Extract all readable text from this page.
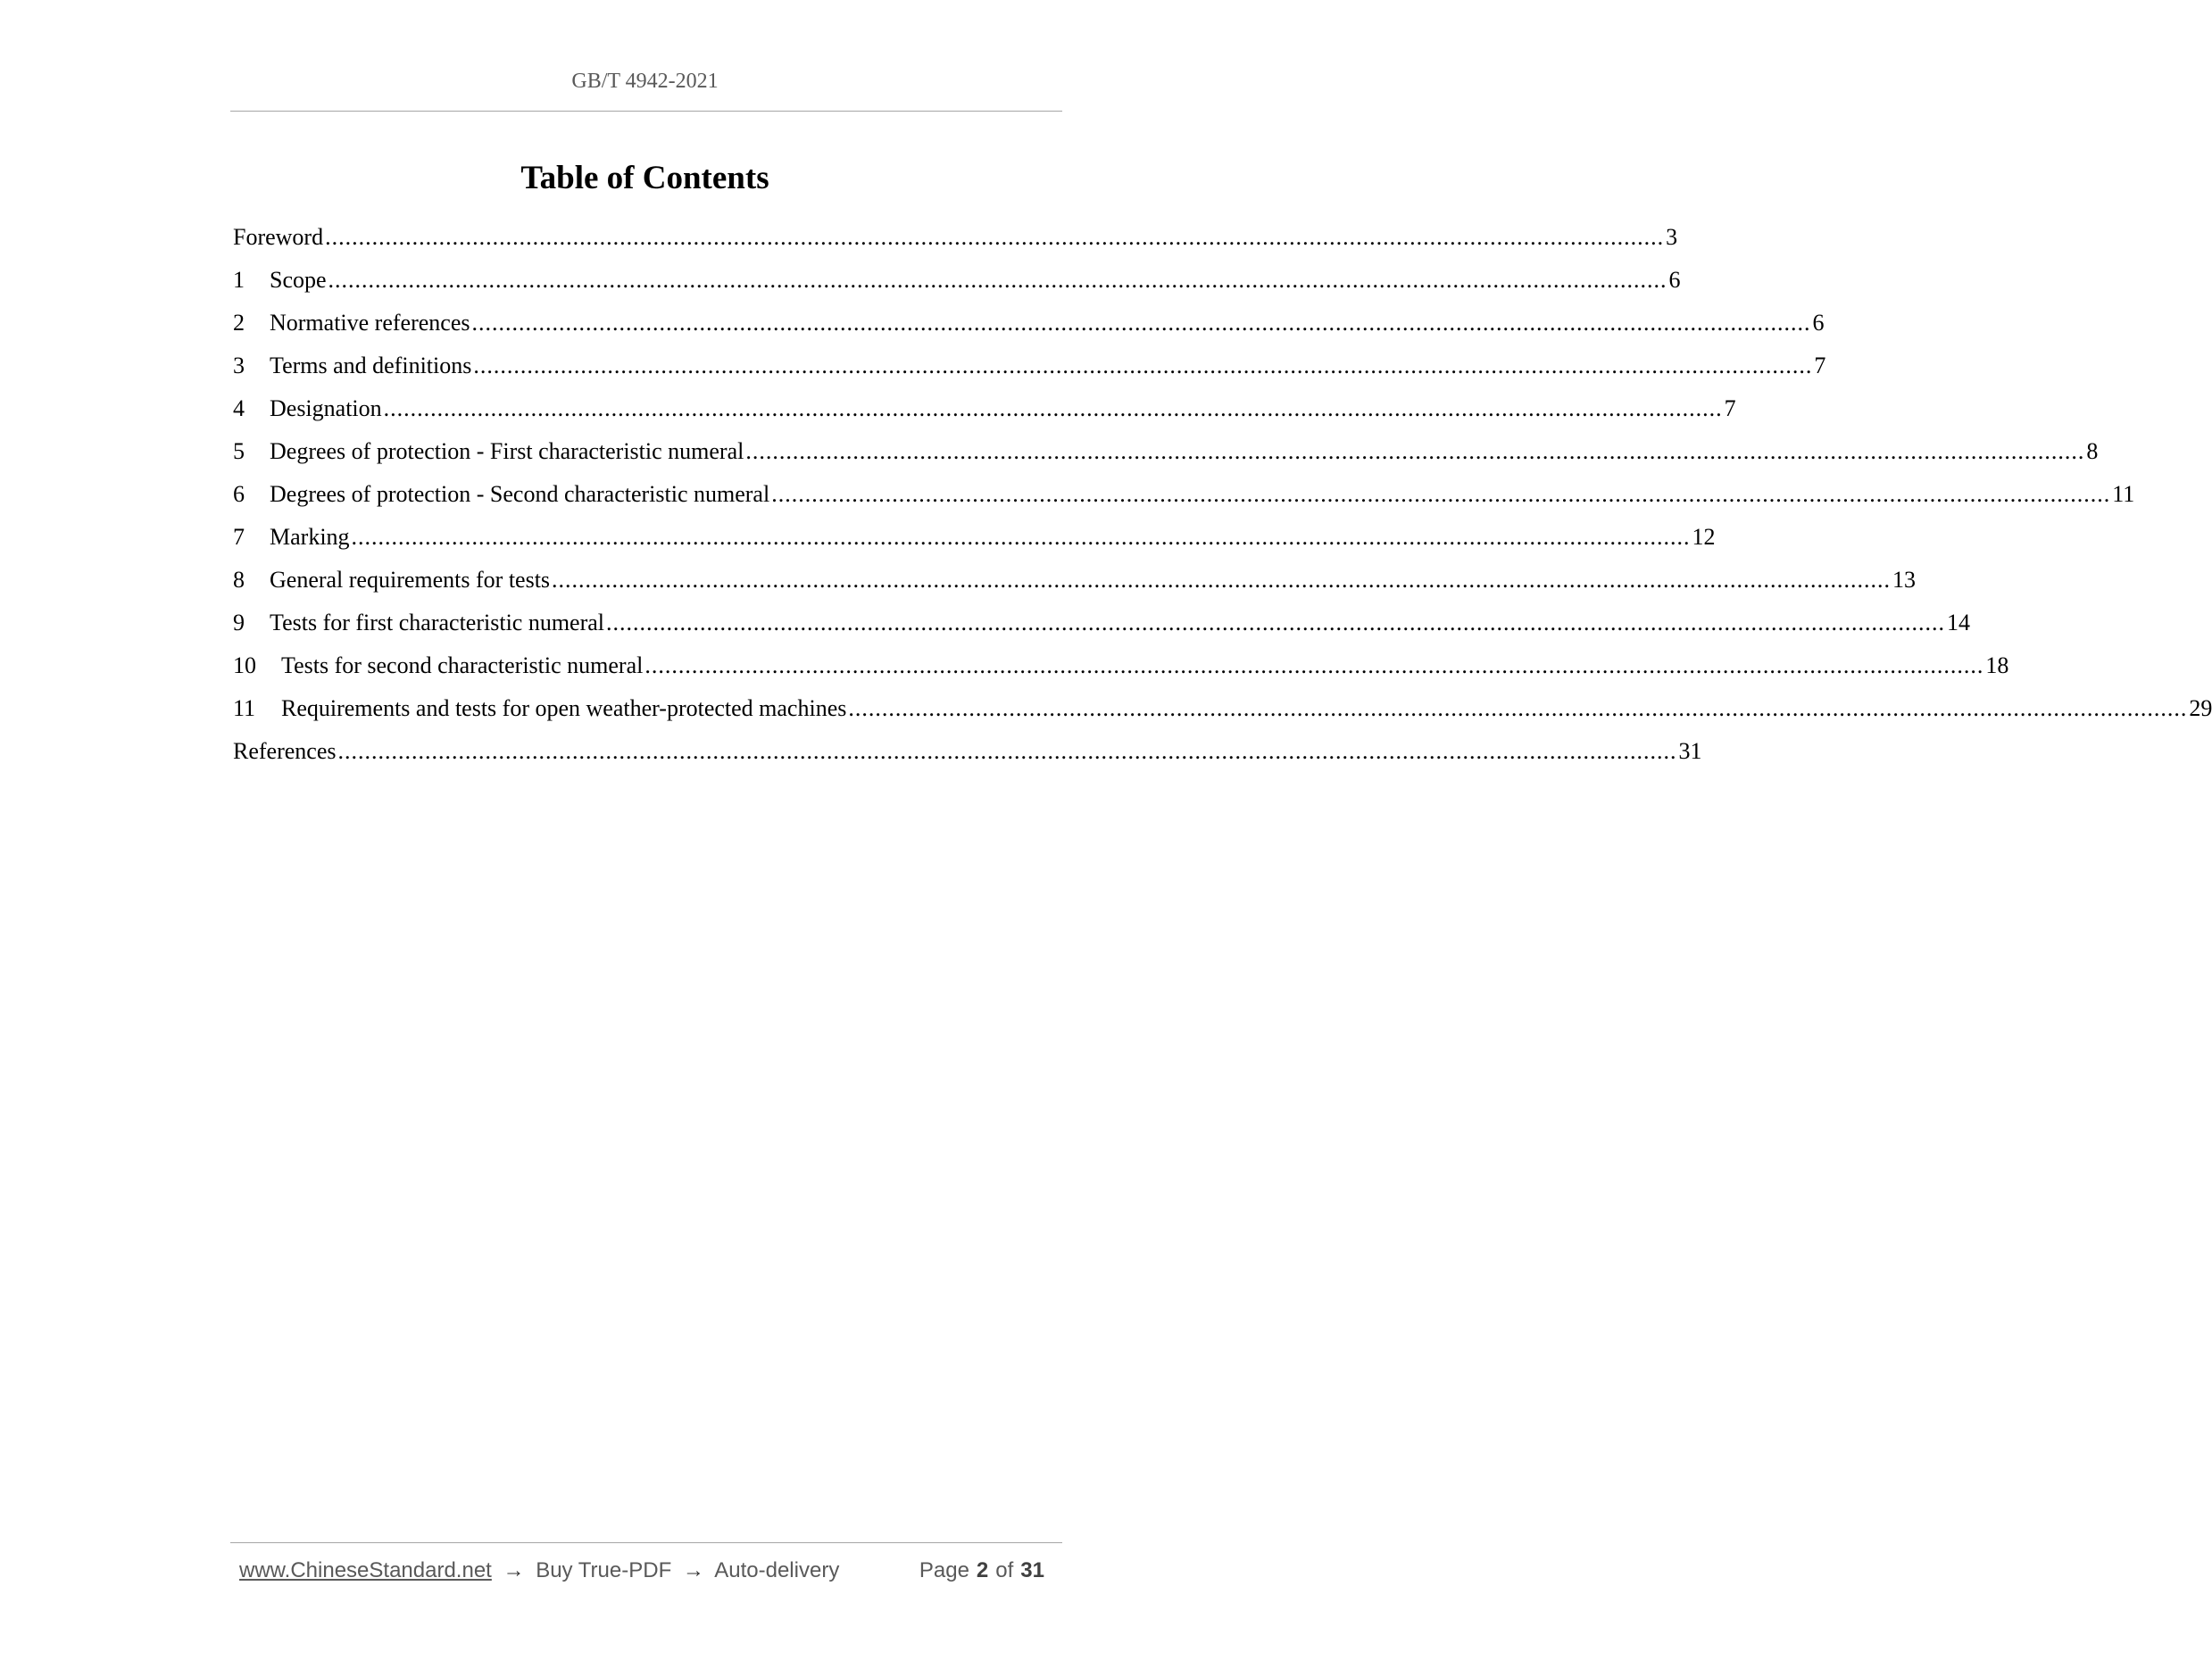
GB/T 4942-2021
Table of Contents
Foreword ........................................................................................................................................................................................................ 3
1	Scope ........................................................................................................................................................................................................ 6
2	Normative references ........................................................................................................................................................................................................ 6
3	Terms and definitions ........................................................................................................................................................................................................ 7
4	Designation ........................................................................................................................................................................................................ 7
5	Degrees of protection - First characteristic numeral ........................................................................................................................................................................................................ 8
6	Degrees of protection - Second characteristic numeral ........................................................................................................................................................................................................ 11
7	Marking ........................................................................................................................................................................................................ 12
8	General requirements for tests ........................................................................................................................................................................................................ 13
9	Tests for first characteristic numeral ........................................................................................................................................................................................................ 14
10	Tests for second characteristic numeral ........................................................................................................................................................................................................ 18
11	Requirements and tests for open weather-protected machines ........................................................................................................................................................................................................ 29
References ........................................................................................................................................................................................................ 31
www.ChineseStandard.net → Buy True-PDF → Auto-delivery	Page 2 of 31
